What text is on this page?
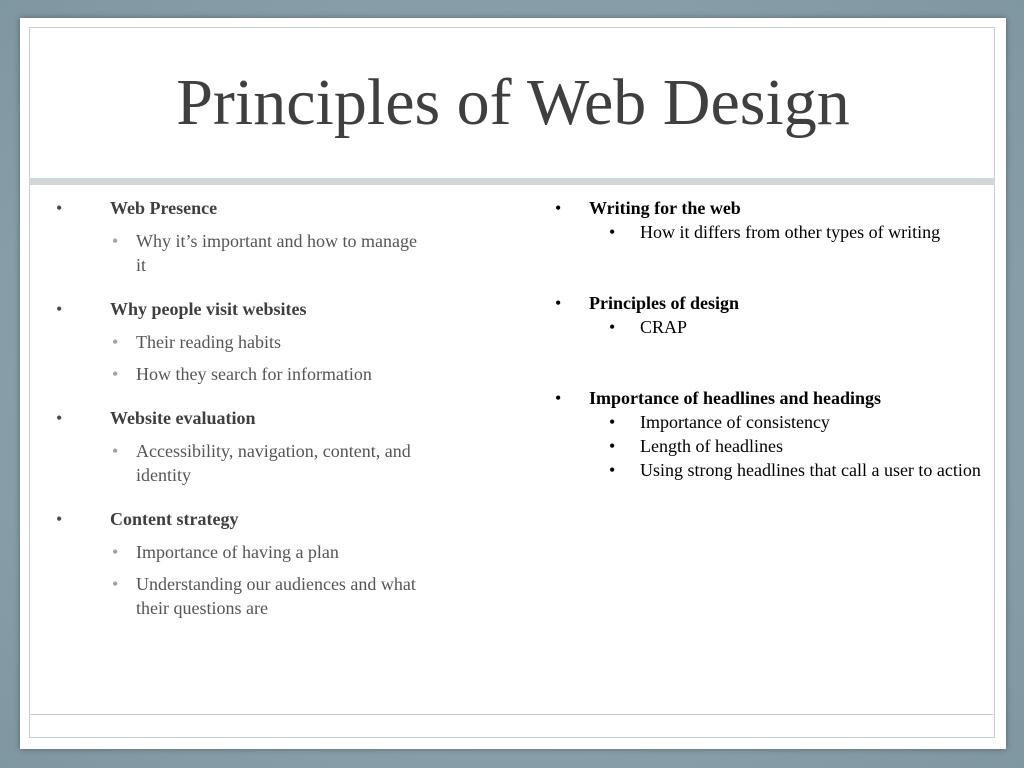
Principles of Web Design
•	Web Presence
• Why it’s important and how to manage it
•	Why people visit websites
• Their reading habits
• How they search for information
•	Website evaluation
• Accessibility, navigation, content, and identity
•	Content strategy
• Importance of having a plan
• Understanding our audiences and what their questions are
• Writing for the web
• How it differs from other types of writing
• Principles of design
• CRAP
• Importance of headlines and headings
• Importance of consistency
• Length of headlines
• Using strong headlines that call a user to action
